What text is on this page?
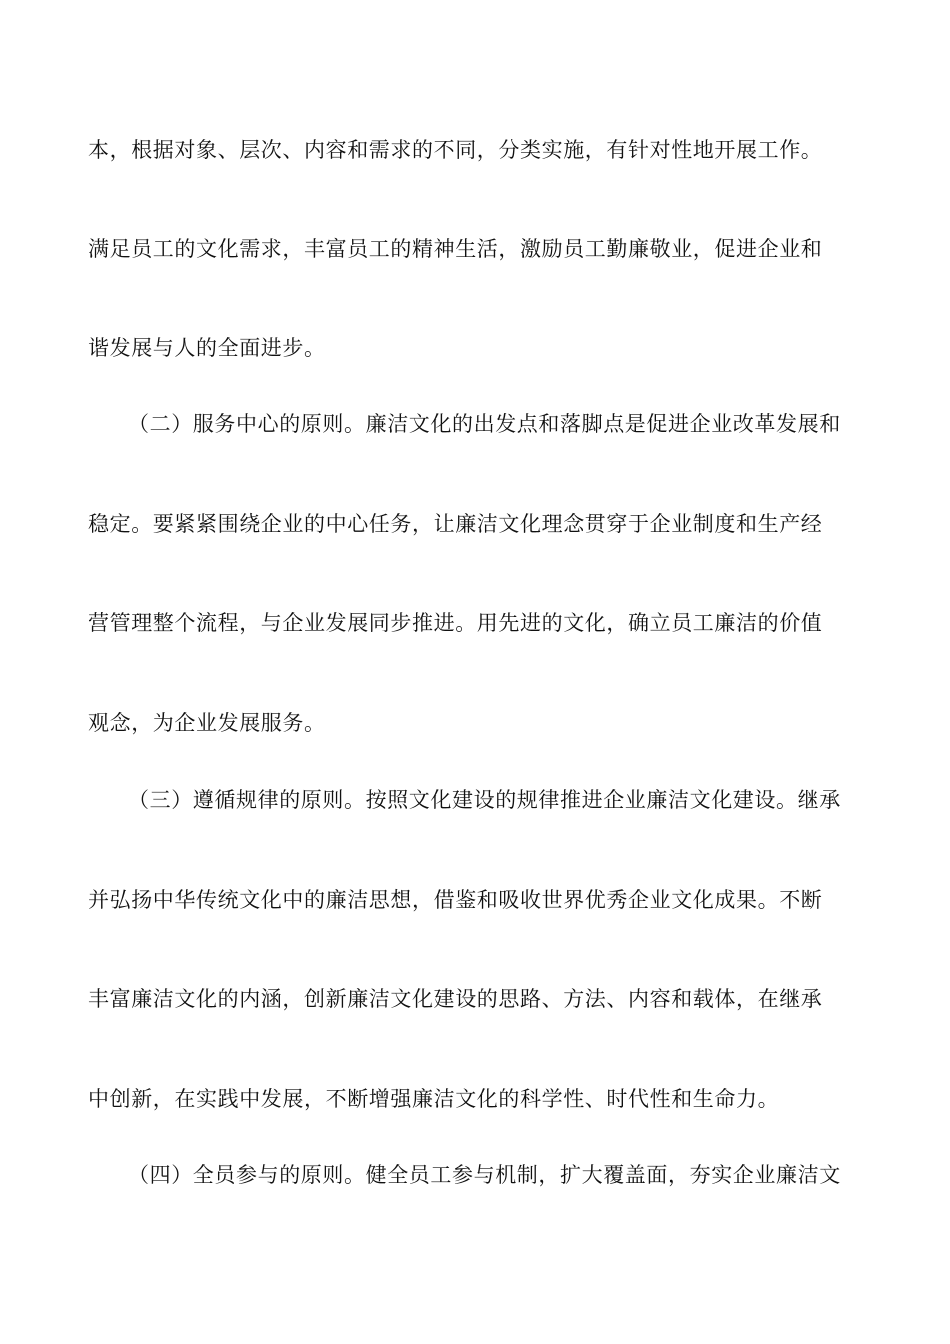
本，根据对象、层次、内容和需求的不同，分类实施，有针对性地开展工作。
满足员工的文化需求，丰富员工的精神生活，激励员工勤廉敬业，促进企业和
谐发展与人的全面进步。
（二）服务中心的原则。廉洁文化的出发点和落脚点是促进企业改革发展和
稳定。要紧紧围绕企业的中心任务，让廉洁文化理念贯穿于企业制度和生产经
营管理整个流程，与企业发展同步推进。用先进的文化，确立员工廉洁的价值
观念，为企业发展服务。
（三）遵循规律的原则。按照文化建设的规律推进企业廉洁文化建设。继承
并弘扬中华传统文化中的廉洁思想，借鉴和吸收世界优秀企业文化成果。不断
丰富廉洁文化的内涵，创新廉洁文化建设的思路、方法、内容和载体，在继承
中创新，在实践中发展，不断增强廉洁文化的科学性、时代性和生命力。
（四）全员参与的原则。健全员工参与机制，扩大覆盖面，夯实企业廉洁文
